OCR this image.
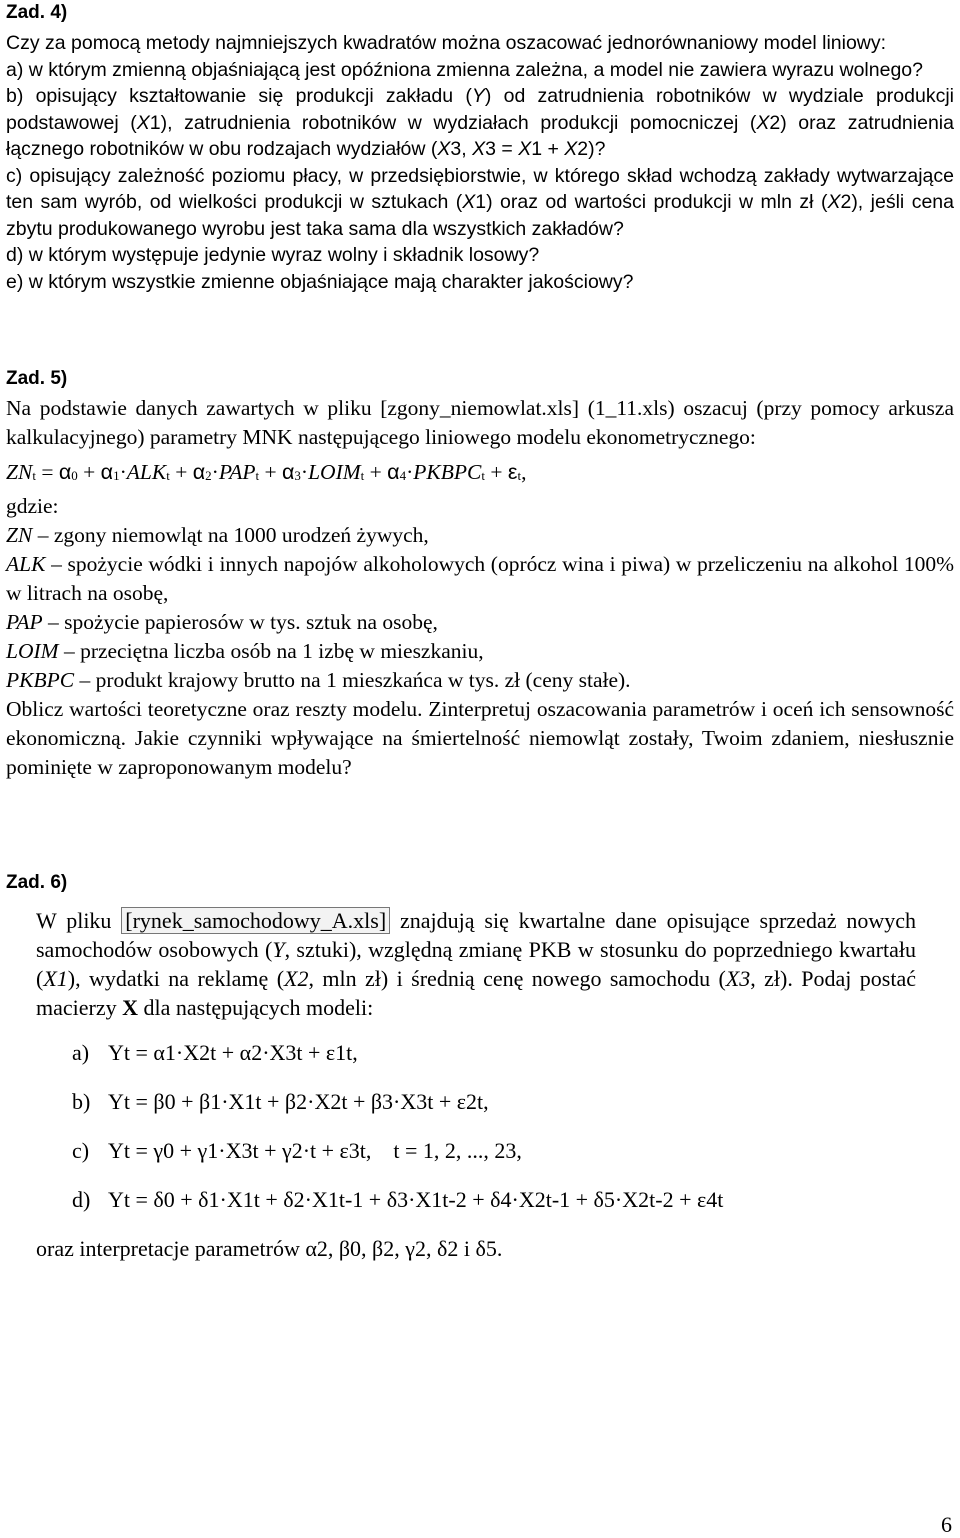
Zad. 4)

Czy za pomocą metody najmniejszych kwadratów można oszacować jednorównaniowy model liniowy:

a) w którym zmienną objaśniającą jest opóźniona zmienna zależna, a model nie zawiera wyrazu wolnego?

b) opisujący kształtowanie się produkcji zakładu (Y) od zatrudnienia robotników w wydziale produkcji podstawowej (X1), zatrudnienia robotników w wydziałach produkcji pomocniczej (X2) oraz zatrudnienia łącznego robotników w obu rodzajach wydziałów (X3, X3 = X1 + X2)?

c) opisujący zależność poziomu płacy, w przedsiębiorstwie, w którego skład wchodzą zakłady wytwarzające ten sam wyrób, od wielkości produkcji w sztukach (X1) oraz od wartości produkcji w mln zł (X2), jeśli cena zbytu produkowanego wyrobu jest taka sama dla wszystkich zakładów?

d) w którym występuje jedynie wyraz wolny i składnik losowy?

e) w którym wszystkie zmienne objaśniające mają charakter jakościowy?

Zad. 5)

Na podstawie danych zawartych w pliku [zgony_niemowlat.xls] (1_11.xls) oszacuj (przy pomocy arkusza kalkulacyjnego) parametry MNK następującego liniowego modelu ekonometrycznego:

$ZN_t = \alpha_0 + \alpha_1\cdot ALK_t + \alpha_2\cdot PAP_t$ + $\alpha_3\cdot LOIM_t$ + $\alpha_4\cdot PKBPC_t + \varepsilon_t$,

gdzie:

ZN – zgony niemowląt na 1000 urodzeń żywych,

ALK – spożycie wódki i innych napojów alkoholowych (oprócz wina i piwa) w przeliczeniu na alkohol 100% w litrach na osobę,

PAP – spożycie papierosów w tys. sztuk na osobę,

LOIM – przeciętna liczba osób na 1 izbę w mieszkaniu,

PKBPC – produkt krajowy brutto na 1 mieszkańca w tys. zł (ceny stałe).

Oblicz wartości teoretyczne oraz reszty modelu. Zinterpretuj oszacowania parametrów i oceń ich sensowność ekonomiczną. Jakie czynniki wpływające na śmiertelność niemowląt zostały, Twoim zdaniem, niesłusznie pominięte w zaproponowanym modelu?

Zad. 6)

W pliku [rynek_samochodowy_A.xls] znajdują się kwartalne dane opisujące sprzedaż nowych samochodów osobowych (Y, sztuki), względną zmianę PKB w stosunku do poprzedniego kwartału (X1), wydatki na reklamę (X2, mln zł) i średnią cenę nowego samochodu (X3, zł). Podaj postać macierzy X dla następujących modeli:

a) Yt = α1·X2t + α2·X3t + ε1t,

b) Yt = β0 + β1·X1t + β2·X2t + β3·X3t + ε2t,

c) Yt = γ0 + γ1·X3t + γ2·t + ε3t,    t = 1, 2, ..., 23,

d) Yt = δ0 + δ1·X1t + δ2·X1t-1 + δ3·X1t-2 + δ4·X2t-1 + δ5·X2t-2 + ε4t

oraz interpretacje parametrów α2, β0, β2, γ2, δ2 i δ5.

6
